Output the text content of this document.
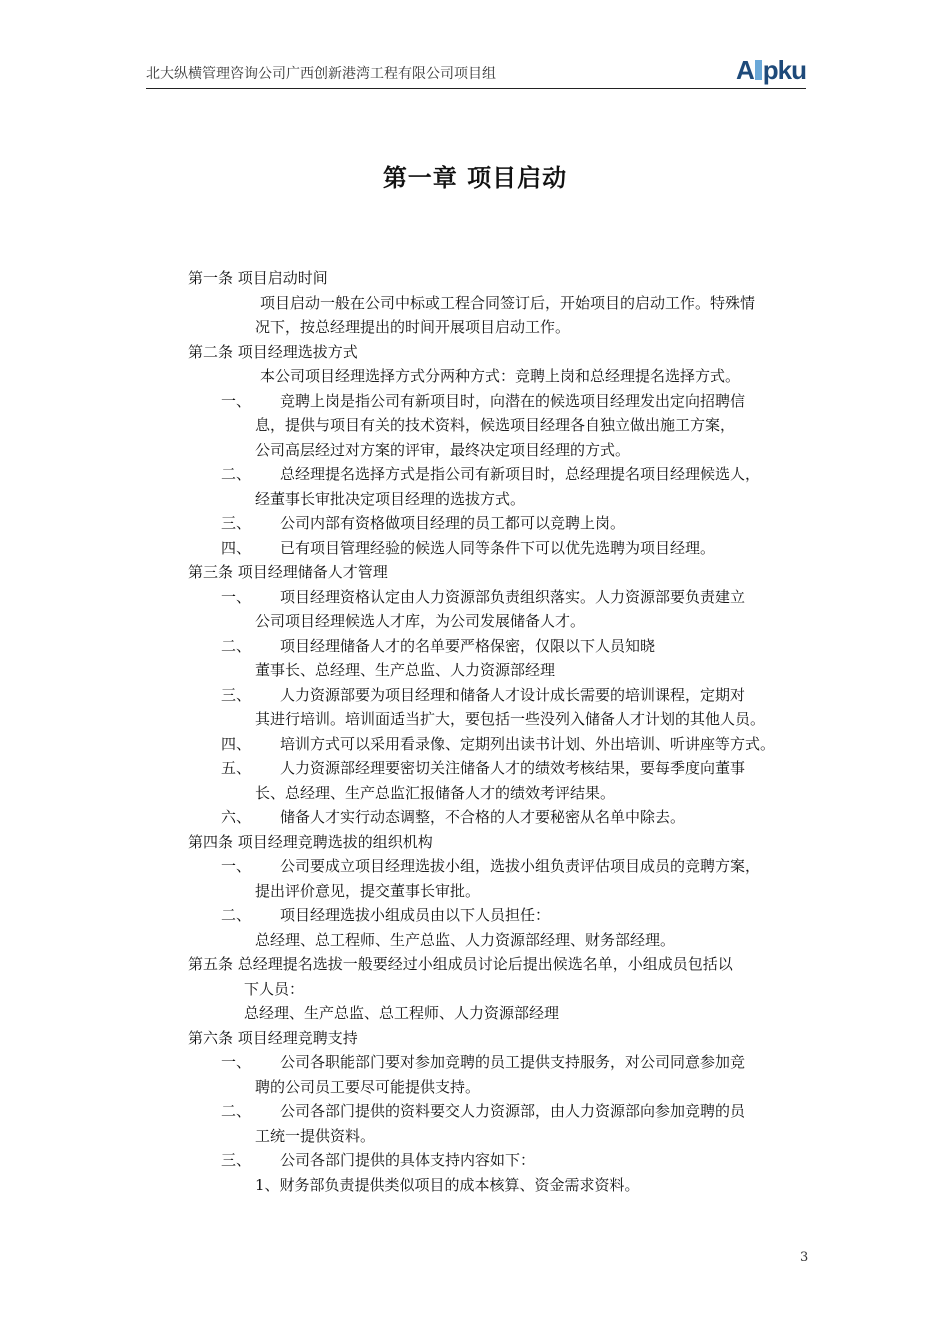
北大纵横管理咨询公司广西创新港湾工程有限公司项目组	A pku
第一章 项目启动
第一条 项目启动时间
项目启动一般在公司中标或工程合同签订后，开始项目的启动工作。特殊情
况下，按总经理提出的时间开展项目启动工作。
第二条 项目经理选拔方式
本公司项目经理选择方式分两种方式：竞聘上岗和总经理提名选择方式。
一、 竞聘上岗是指公司有新项目时，向潜在的候选项目经理发出定向招聘信
息，提供与项目有关的技术资料，候选项目经理各自独立做出施工方案，
公司高层经过对方案的评审，最终决定项目经理的方式。
二、 总经理提名选择方式是指公司有新项目时，总经理提名项目经理候选人，
经董事长审批决定项目经理的选拔方式。
三、 公司内部有资格做项目经理的员工都可以竞聘上岗。
四、 已有项目管理经验的候选人同等条件下可以优先选聘为项目经理。
第三条 项目经理储备人才管理
一、 项目经理资格认定由人力资源部负责组织落实。人力资源部要负责建立
公司项目经理候选人才库，为公司发展储备人才。
二、 项目经理储备人才的名单要严格保密，仅限以下人员知晓
董事长、总经理、生产总监、人力资源部经理
三、 人力资源部要为项目经理和储备人才设计成长需要的培训课程，定期对
其进行培训。培训面适当扩大，要包括一些没列入储备人才计划的其他人员。
四、 培训方式可以采用看录像、定期列出读书计划、外出培训、听讲座等方式。
五、 人力资源部经理要密切关注储备人才的绩效考核结果，要每季度向董事
长、总经理、生产总监汇报储备人才的绩效考评结果。
六、 储备人才实行动态调整，不合格的人才要秘密从名单中除去。
第四条 项目经理竞聘选拔的组织机构
一、 公司要成立项目经理选拔小组，选拔小组负责评估项目成员的竞聘方案，
提出评价意见，提交董事长审批。
二、 项目经理选拔小组成员由以下人员担任：
总经理、总工程师、生产总监、人力资源部经理、财务部经理。
第五条 总经理提名选拔一般要经过小组成员讨论后提出候选名单，小组成员包括以
下人员：
总经理、生产总监、总工程师、人力资源部经理
第六条 项目经理竞聘支持
一、 公司各职能部门要对参加竞聘的员工提供支持服务，对公司同意参加竞
聘的公司员工要尽可能提供支持。
二、 公司各部门提供的资料要交人力资源部，由人力资源部向参加竞聘的员
工统一提供资料。
三、 公司各部门提供的具体支持内容如下：
1、财务部负责提供类似项目的成本核算、资金需求资料。
3
